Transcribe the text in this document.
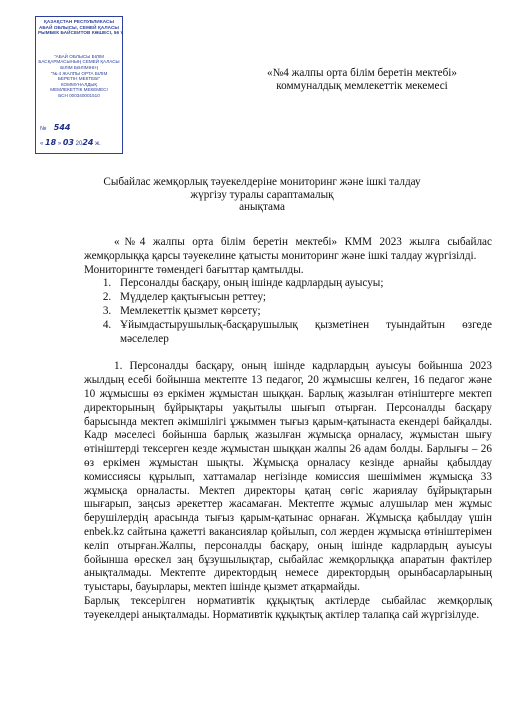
ҚАЗАҚСТАН РЕСПУБЛИКАСЫ
АБАЙ ОБЛЫСЫ, СЕМЕЙ ҚАЛАСЫ
РЫМБЕК БАЙСЕИТОВ КӨШЕСІ, 56 Ү
"АБАЙ ОБЛЫСЫ БІЛІМ
БАСҚАРМАСЫНЫҢ СЕМЕЙ ҚАЛАСЫ
БІЛІМ БӨЛІМІНІҢ
"№ 4 ЖАЛПЫ ОРТА БІЛІМ
БЕРЕТІН МЕКТЕБІ"
КОММУНАЛДЫҚ
МЕМЛЕКЕТТІК МЕКЕМЕСІ
БСН 000340001510
№ 544
« 18 » 03 2024 ж.
«№4 жалпы орта білім беретін мектебі»
коммуналдық мемлекеттік мекемесі
Сыбайлас жемқорлық тәуекелдеріне мониторинг және ішкі талдау
жүргізу туралы сараптамалық
анықтама

«№4 жалпы орта білім беретін мектебі» КММ 2023 жылға сыбайлас жемқорлыққа қарсы тәуекелине қатысты мониторинг және ішкі талдау жүргізілді.

Мониторингте төмендегі бағыттар қамтылды.

1. Персоналды басқару, оның ішінде кадрлардың ауысуы;
2. Мүдделер қақтығысын реттеу;
3. Мемлекеттік қызмет көрсету;
4. Ұйымдастырушылық-басқарушылық қызметінен туындайтын өзгеде мәселелер

1. Персоналды басқару, оның ішінде кадрлардың ауысуы бойынша 2023 жылдың есебі бойынша мектепте 13 педагог, 20 жұмысшы келген, 16 педагог және 10 жұмысшы өз еркімен жұмыстан шыққан. Барлық жазылған өтініштерге мектеп директорының бұйрықтары уақытылы шығып отырған. Персоналды басқару барысында мектеп әкімшілігі ұжыммен тығыз қарым-қатынаста екендері байқалды. Кадр мәселесі бойынша барлық жазылған жұмысқа орналасу, жұмыстан шығу өтініштерді тексерген кезде жұмыстан шыққан жалпы 26 адам болды. Барлығы – 26 өз еркімен жұмыстан шықты. Жұмысқа орналасу кезінде арнайы қабылдау комиссиясы құрылып, хаттамалар негізінде комиссия шешімімен жұмысқа 33 жұмысқа орналасты. Мектеп директоры қатаң сөгіс жариялау бұйрықтарын шығарып, заңсыз әрекеттер жасамаған. Мектепте жұмыс алушылар мен жұмыс берушілердің арасында тығыз қарым-қатынас орнаған. Жұмысқа қабылдау үшін enbek.kz сайтына қажетті вакансиялар қойылып, сол жерден жұмысқа өтініштерімен келіп отырған.Жалпы, персоналды басқару, оның ішінде кадрлардың ауысуы бойынша өрескел заң бұзушылықтар, сыбайлас жемқорлыққа апаратын фактілер анықталмады. Мектепте директордың немесе директордың орынбасарларының туыстары, бауырлары, мектеп ішінде қызмет атқармайды.

Барлық тексерілген нормативтік құқықтық актілерде сыбайлас жемқорлық тәуекелдері анықталмады. Нормативтік құқықтық актілер талапқа сай жүргізілуде.
